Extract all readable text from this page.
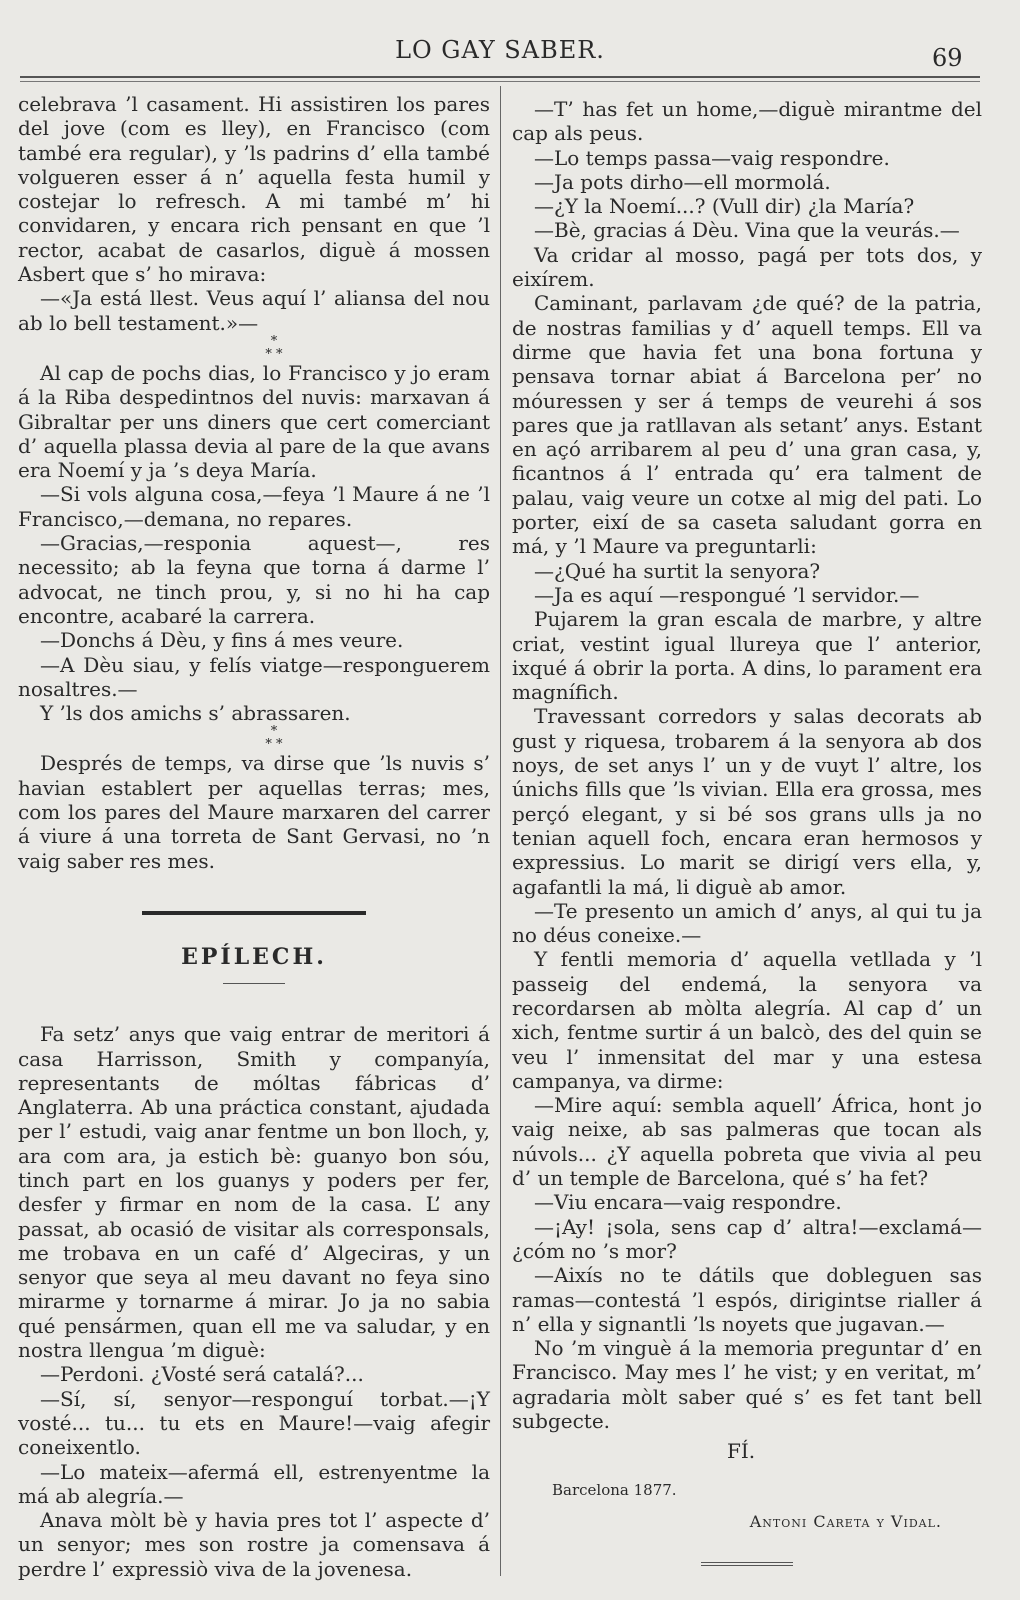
LO GAY SABER.	69

celebrava ’l casament. Hi assistiren los pares del jove (com es lley), en Francisco (com també era regular), y ’ls padrins d’ ella també volgueren esser á n’ aquella festa humil y costejar lo refresch. A mi també m’ hi convidaren, y encara rich pensant en que ’l rector, acabat de casarlos, diguè á mossen Asbert que s’ ho mirava:

—«Ja está llest. Veus aquí l’ aliansa del nou ab lo bell testament.»—

*
* *

Al cap de pochs dias, lo Francisco y jo eram á la Riba despedintnos del nuvis: marxavan á Gibraltar per uns diners que cert comerciant d’ aquella plassa devia al pare de la que avans era Noemí y ja ’s deya María.

—Si vols alguna cosa,—feya ’l Maure á ne ’l Francisco,—demana, no repares.

—Gracias,—responia aquest—, res necessito; ab la feyna que torna á darme l’ advocat, ne tinch prou, y, si no hi ha cap encontre, acabaré la carrera.

—Donchs á Dèu, y fins á mes veure.

—A Dèu siau, y felís viatge—responguerem nosaltres.—

Y ’ls dos amichs s’ abrassaren.

*
* *

Després de temps, va dirse que ’ls nuvis s’ havian establert per aquellas terras; mes, com los pares del Maure marxaren del carrer á viure á una torreta de Sant Gervasi, no ’n vaig saber res mes.

EPÍLECH.

Fa setz’ anys que vaig entrar de meritori á casa Harrisson, Smith y companyía, representants de móltas fábricas d’ Anglaterra. Ab una práctica constant, ajudada per l’ estudi, vaig anar fentme un bon lloch, y, ara com ara, ja estich bè: guanyo bon sóu, tinch part en los guanys y poders per fer, desfer y firmar en nom de la casa. L’ any passat, ab ocasió de visitar als corresponsals, me trobava en un café d’ Algeciras, y un senyor que seya al meu davant no feya sino mirarme y tornarme á mirar. Jo ja no sabia qué pensármen, quan ell me va saludar, y en nostra llengua ’m diguè:

—Perdoni. ¿Vosté será catalá?...

—Sí, sí, senyor—responguí torbat.—¡Y vosté... tu... tu ets en Maure!—vaig afegir coneixentlo.

—Lo mateix—afermá ell, estrenyentme la má ab alegría.—

Anava mòlt bè y havia pres tot l’ aspecte d’ un senyor; mes son rostre ja comensava á perdre l’ expressiò viva de la jovenesa.

—T’ has fet un home,—diguè mirantme del cap als peus.

—Lo temps passa—vaig respondre.

—Ja pots dirho—ell mormolá.

—¿Y la Noemí...? (Vull dir) ¿la María?

—Bè, gracias á Dèu. Vina que la veurás.—

Va cridar al mosso, pagá per tots dos, y eixírem.

Caminant, parlavam ¿de qué? de la patria, de nostras familias y d’ aquell temps. Ell va dirme que havia fet una bona fortuna y pensava tornar abiat á Barcelona per’ no móuressen y ser á temps de veurehi á sos pares que ja ratllavan als setant’ anys. Estant en açó arribarem al peu d’ una gran casa, y, ficantnos á l’ entrada qu’ era talment de palau, vaig veure un cotxe al mig del pati. Lo porter, eixí de sa caseta saludant gorra en má, y ’l Maure va preguntarli:

—¿Qué ha surtit la senyora?

—Ja es aquí —respongué ’l servidor.—

Pujarem la gran escala de marbre, y altre criat, vestint igual llureya que l’ anterior, ixqué á obrir la porta. A dins, lo parament era magnífich.

Travessant corredors y salas decorats ab gust y riquesa, trobarem á la senyora ab dos noys, de set anys l’ un y de vuyt l’ altre, los únichs fills que ’ls vivian. Ella era grossa, mes perçó elegant, y si bé sos grans ulls ja no tenian aquell foch, encara eran hermosos y expressius. Lo marit se dirigí vers ella, y, agafantli la má, li diguè ab amor.

—Te presento un amich d’ anys, al qui tu ja no déus coneixe.—

Y fentli memoria d’ aquella vetllada y ’l passeig del endemá, la senyora va recordarsen ab mòlta alegría. Al cap d’ un xich, fentme surtir á un balcò, des del quin se veu l’ inmensitat del mar y una estesa campanya, va dirme:

—Mire aquí: sembla aquell’ África, hont jo vaig neixe, ab sas palmeras que tocan als núvols... ¿Y aquella pobreta que vivia al peu d’ un temple de Barcelona, qué s’ ha fet?

—Viu encara—vaig respondre.

—¡Ay! ¡sola, sens cap d’ altra!—exclamá—¿cóm no ’s mor?

—Aixís no te dátils que dobleguen sas ramas—contestá ’l espós, dirigintse rialler á n’ ella y signantli ’ls noyets que jugavan.—

No ’m vinguè á la memoria preguntar d’ en Francisco. May mes l’ he vist; y en veritat, m’ agradaria mòlt saber qué s’ es fet tant bell subgecte.

FÍ.

Barcelona 1877.

Antoni Careta y Vidal.
